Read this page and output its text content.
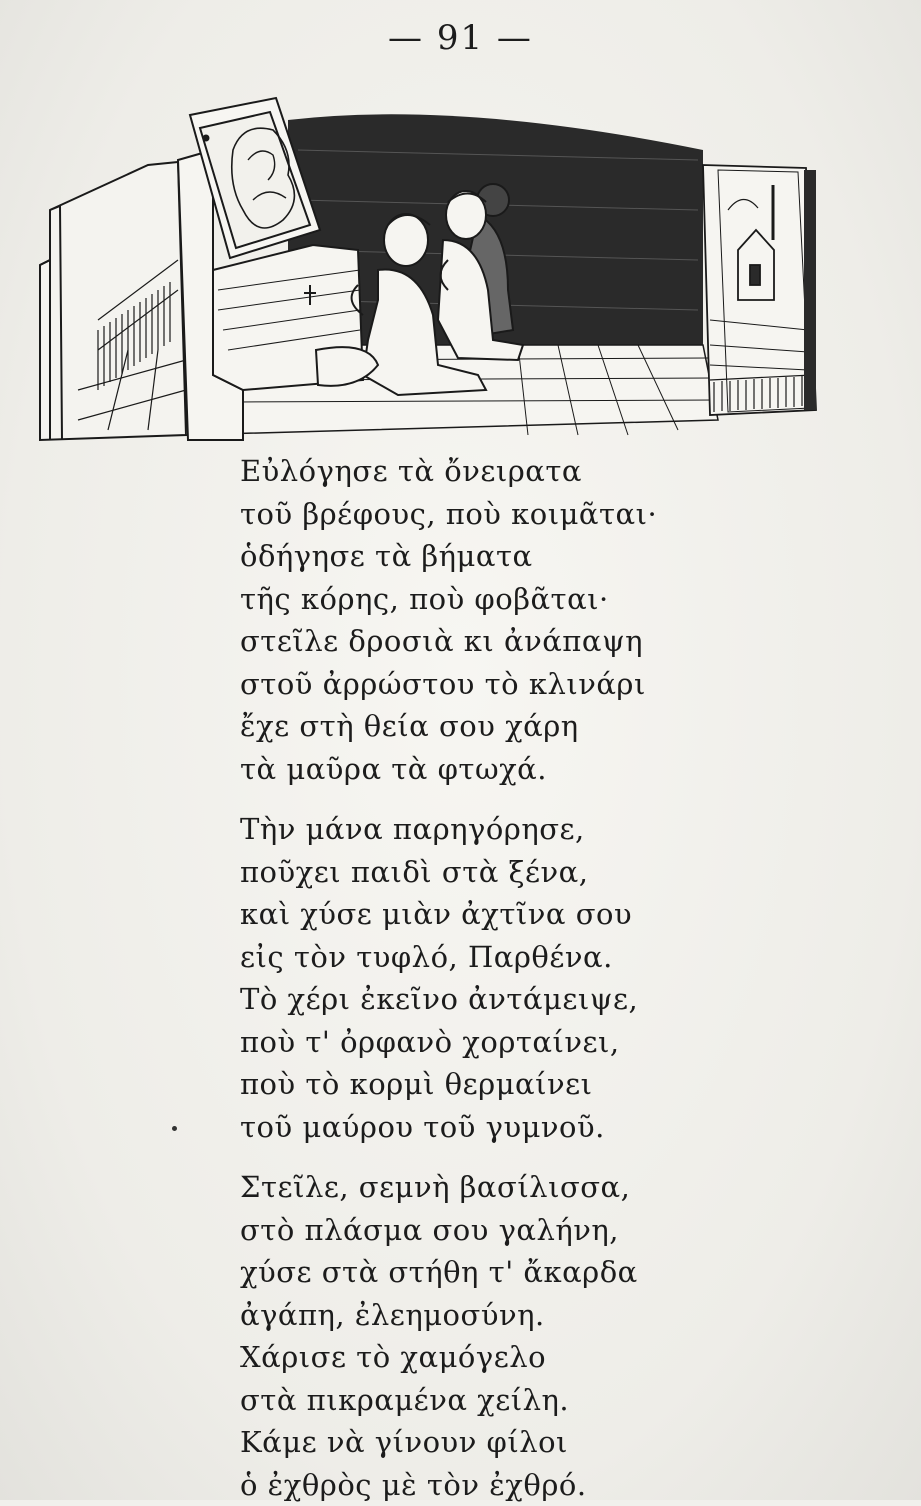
— 91 —
Εὐλόγησε τὰ ὄνειρατα
τοῦ βρέφους, ποὺ κοιμᾶται·
ὁδήγησε τὰ βήματα
τῆς κόρης, ποὺ φοβᾶται·
στεῖλε δροσιὰ κι ἀνάπαψη
στοῦ ἀρρώστου τὸ κλινάρι
ἔχε στὴ θεία σου χάρη
τὰ μαῦρα τὰ φτωχά.
Τὴν μάνα παρηγόρησε,
ποῦχει παιδὶ στὰ ξένα,
καὶ χύσε μιὰν ἀχτῖνα σου
εἰς τὸν τυφλό, Παρθένα.
Τὸ χέρι ἐκεῖνο ἀντάμειψε,
ποὺ τ' ὀρφανὸ χορταίνει,
ποὺ τὸ κορμὶ θερμαίνει
τοῦ μαύρου τοῦ γυμνοῦ.
Στεῖλε, σεμνὴ βασίλισσα,
στὸ πλάσμα σου γαλήνη,
χύσε στὰ στήθη τ' ἄκαρδα
ἀγάπη, ἐλεημοσύνη.
Χάρισε τὸ χαμόγελο
στὰ πικραμένα χείλη.
Κάμε νὰ γίνουν φίλοι
ὁ ἐχθρὸς μὲ τὸν ἐχθρό.
